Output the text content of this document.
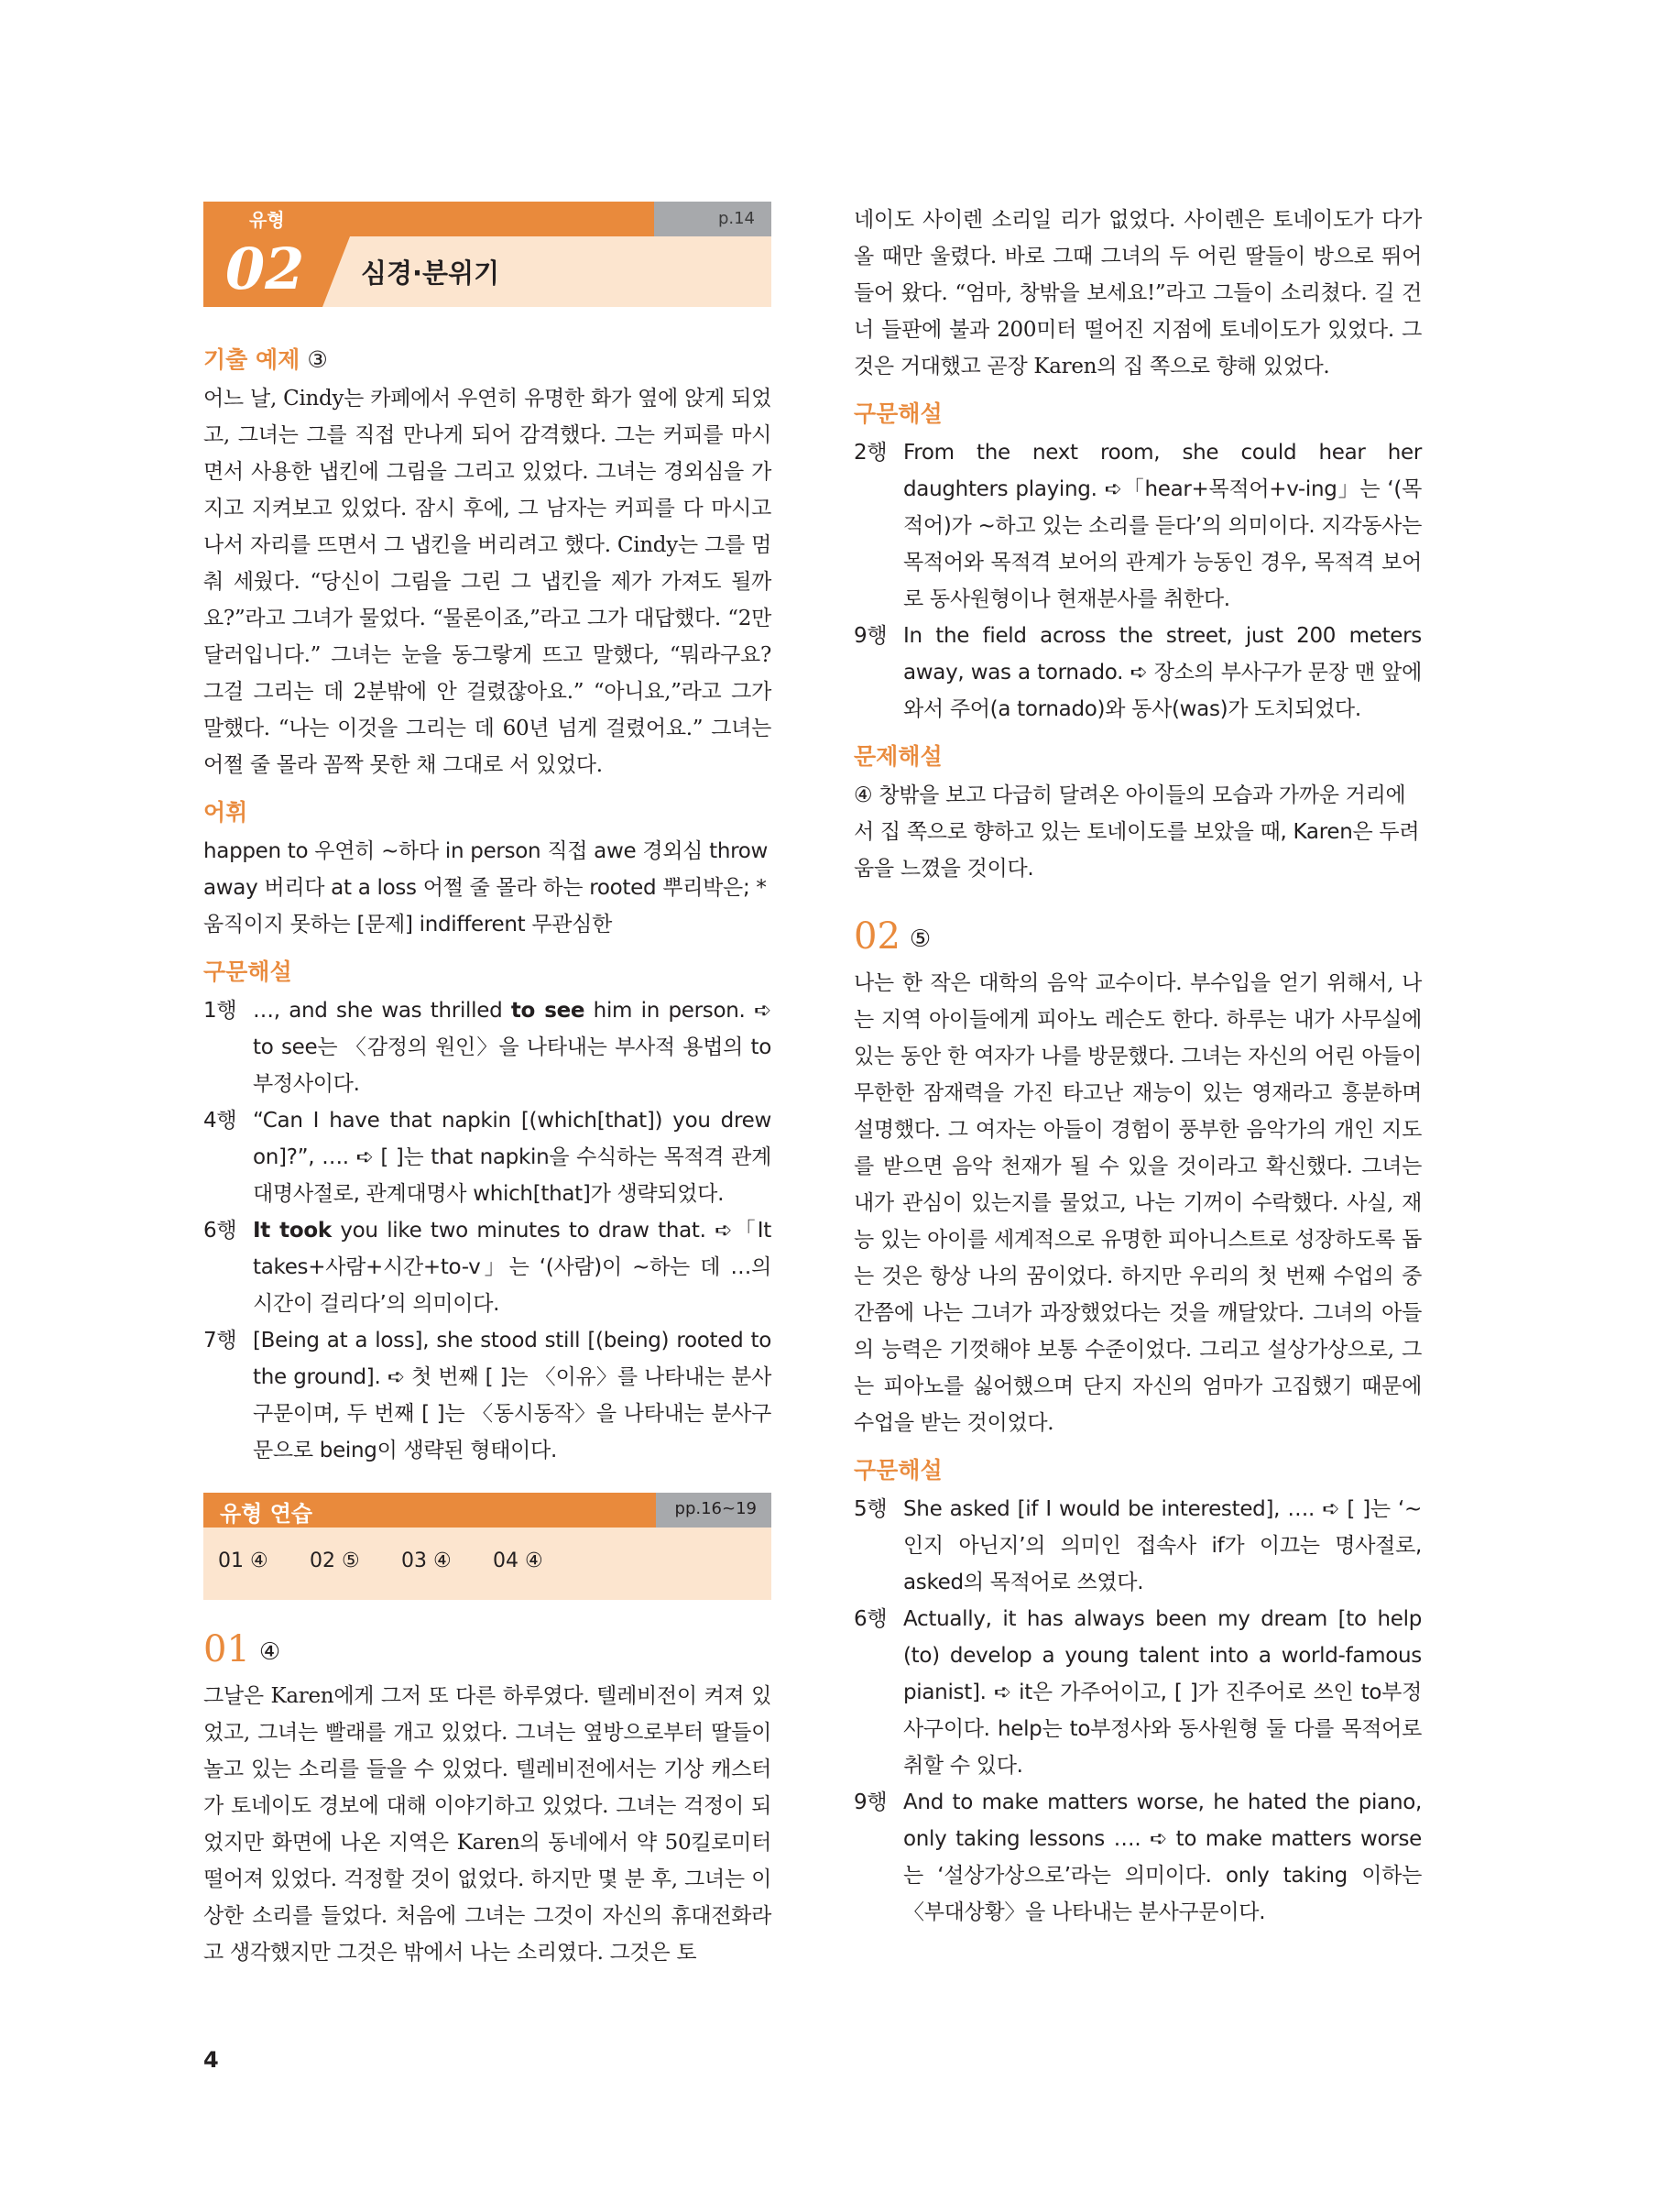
유형
02 심경·분위기
p.14

기출 예제 ③

어느 날, Cindy는 카페에서 우연히 유명한 화가 옆에 앉게 되었고, 그녀는 그를 직접 만나게 되어 감격했다. 그는 커피를 마시면서 사용한 냅킨에 그림을 그리고 있었다. 그녀는 경외심을 가지고 지켜보고 있었다. 잠시 후에, 그 남자는 커피를 다 마시고 나서 자리를 뜨면서 그 냅킨을 버리려고 했다. Cindy는 그를 멈춰 세웠다. “당신이 그림을 그린 그 냅킨을 제가 가져도 될까요?”라고 그녀가 물었다. “물론이죠,”라고 그가 대답했다. “2만 달러입니다.” 그녀는 눈을 동그랗게 뜨고 말했다, “뭐라구요? 그걸 그리는 데 2분밖에 안 걸렸잖아요.” “아니요,”라고 그가 말했다. “나는 이것을 그리는 데 60년 넘게 걸렸어요.” 그녀는 어쩔 줄 몰라 꼼짝 못한 채 그대로 서 있었다.

어휘

happen to 우연히 ~하다 in person 직접 awe 경외심 throw away 버리다 at a loss 어쩔 줄 몰라 하는 rooted 뿌리박은; *움직이지 못하는 [문제] indifferent 무관심한

구문해설

1행 …, and she was thrilled to see him in person. ➪ to see는 〈감정의 원인〉을 나타내는 부사적 용법의 to부정사이다.
4행 “Can I have that napkin [(which[that]) you drew on]?”, …. ➪ [ ]는 that napkin을 수식하는 목적격 관계대명사절로, 관계대명사 which[that]가 생략되었다.
6행 It took you like two minutes to draw that. ➪「It takes+사람+시간+to-v」는 ‘(사람)이 ~하는 데 …의 시간이 걸리다’의 의미이다.
7행 [Being at a loss], she stood still [(being) rooted to the ground]. ➪ 첫 번째 [ ]는 〈이유〉를 나타내는 분사구문이며, 두 번째 [ ]는 〈동시동작〉을 나타내는 분사구문으로 being이 생략된 형태이다.
유형 연습	pp.16~19
01 ④	02 ⑤	03 ④	04 ④

01 ④

그날은 Karen에게 그저 또 다른 하루였다. 텔레비전이 켜져 있었고, 그녀는 빨래를 개고 있었다. 그녀는 옆방으로부터 딸들이 놀고 있는 소리를 들을 수 있었다. 텔레비전에서는 기상 캐스터가 토네이도 경보에 대해 이야기하고 있었다. 그녀는 걱정이 되었지만 화면에 나온 지역은 Karen의 동네에서 약 50킬로미터 떨어져 있었다. 걱정할 것이 없었다. 하지만 몇 분 후, 그녀는 이상한 소리를 들었다. 처음에 그녀는 그것이 자신의 휴대전화라고 생각했지만 그것은 밖에서 나는 소리였다. 그것은 토

네이도 사이렌 소리일 리가 없었다. 사이렌은 토네이도가 다가올 때만 울렸다. 바로 그때 그녀의 두 어린 딸들이 방으로 뛰어 들어 왔다. “엄마, 창밖을 보세요!”라고 그들이 소리쳤다. 길 건너 들판에 불과 200미터 떨어진 지점에 토네이도가 있었다. 그것은 거대했고 곧장 Karen의 집 쪽으로 향해 있었다.

구문해설

2행 From the next room, she could hear her daughters playing. ➪「hear+목적어+v-ing」는 ‘(목적어)가 ~하고 있는 소리를 듣다’의 의미이다. 지각동사는 목적어와 목적격 보어의 관계가 능동인 경우, 목적격 보어로 동사원형이나 현재분사를 취한다.
9행 In the field across the street, just 200 meters away, was a tornado. ➪ 장소의 부사구가 문장 맨 앞에 와서 주어(a tornado)와 동사(was)가 도치되었다.

문제해설

④ 창밖을 보고 다급히 달려온 아이들의 모습과 가까운 거리에서 집 쪽으로 향하고 있는 토네이도를 보았을 때, Karen은 두려움을 느꼈을 것이다.

02 ⑤

나는 한 작은 대학의 음악 교수이다. 부수입을 얻기 위해서, 나는 지역 아이들에게 피아노 레슨도 한다. 하루는 내가 사무실에 있는 동안 한 여자가 나를 방문했다. 그녀는 자신의 어린 아들이 무한한 잠재력을 가진 타고난 재능이 있는 영재라고 흥분하며 설명했다. 그 여자는 아들이 경험이 풍부한 음악가의 개인 지도를 받으면 음악 천재가 될 수 있을 것이라고 확신했다. 그녀는 내가 관심이 있는지를 물었고, 나는 기꺼이 수락했다. 사실, 재능 있는 아이를 세계적으로 유명한 피아니스트로 성장하도록 돕는 것은 항상 나의 꿈이었다. 하지만 우리의 첫 번째 수업의 중간쯤에 나는 그녀가 과장했었다는 것을 깨달았다. 그녀의 아들의 능력은 기껏해야 보통 수준이었다. 그리고 설상가상으로, 그는 피아노를 싫어했으며 단지 자신의 엄마가 고집했기 때문에 수업을 받는 것이었다.

구문해설

5행 She asked [if I would be interested], …. ➪ [ ]는 ‘~인지 아닌지’의 의미인 접속사 if가 이끄는 명사절로, asked의 목적어로 쓰였다.
6행 Actually, it has always been my dream [to help (to) develop a young talent into a world-famous pianist]. ➪ it은 가주어이고, [ ]가 진주어로 쓰인 to부정사구이다. help는 to부정사와 동사원형 둘 다를 목적어로 취할 수 있다.
9행 And to make matters worse, he hated the piano, only taking lessons …. ➪ to make matters worse는 ‘설상가상으로’라는 의미이다. only taking 이하는 〈부대상황〉을 나타내는 분사구문이다.
4
